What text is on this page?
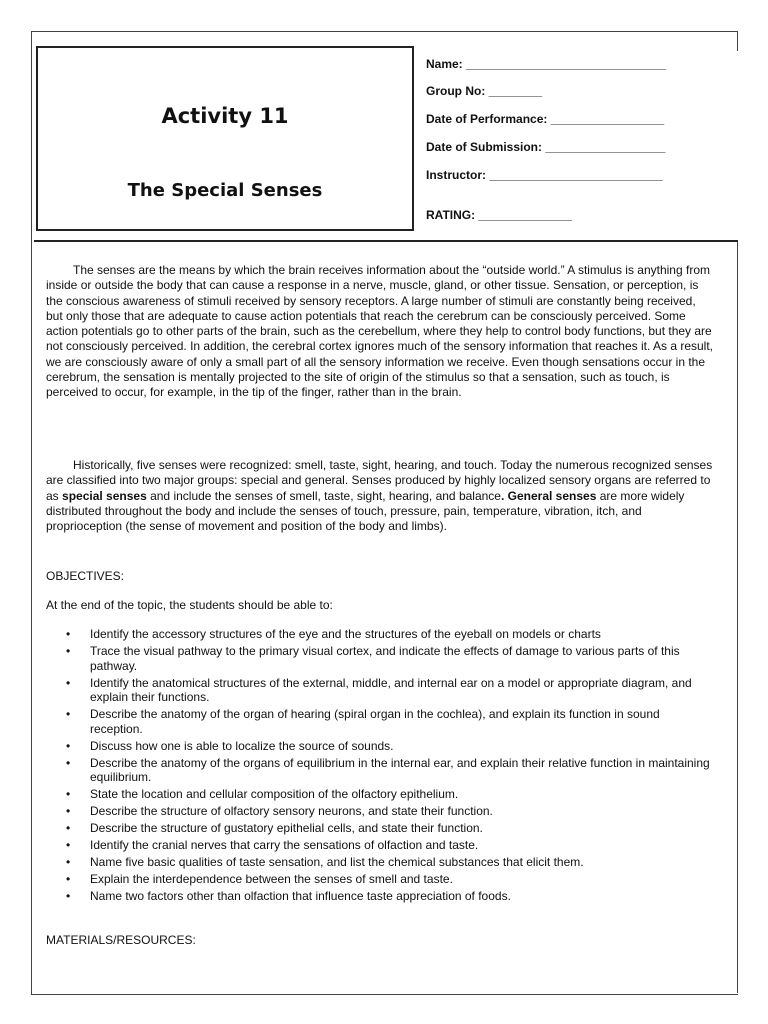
Activity 11
The Special Senses
Name: ______________________________
Group No: ________
Date of Performance: _________________
Date of Submission: __________________
Instructor: __________________________
RATING: ______________

The senses are the means by which the brain receives information about the “outside world.” A stimulus is anything from inside or outside the body that can cause a response in a nerve, muscle, gland, or other tissue. Sensation, or perception, is the conscious awareness of stimuli received by sensory receptors. A large number of stimuli are constantly being received, but only those that are adequate to cause action potentials that reach the cerebrum can be consciously perceived. Some action potentials go to other parts of the brain, such as the cerebellum, where they help to control body functions, but they are not consciously perceived. In addition, the cerebral cortex ignores much of the sensory information that reaches it. As a result, we are consciously aware of only a small part of all the sensory information we receive. Even though sensations occur in the cerebrum, the sensation is mentally projected to the site of origin of the stimulus so that a sensation, such as touch, is perceived to occur, for example, in the tip of the finger, rather than in the brain.

Historically, five senses were recognized: smell, taste, sight, hearing, and touch. Today the numerous recognized senses are classified into two major groups: special and general. Senses produced by highly localized sensory organs are referred to as special senses and include the senses of smell, taste, sight, hearing, and balance. General senses are more widely distributed throughout the body and include the senses of touch, pressure, pain, temperature, vibration, itch, and proprioception (the sense of movement and position of the body and limbs).

OBJECTIVES:
At the end of the topic, the students should be able to:
• Identify the accessory structures of the eye and the structures of the eyeball on models or charts
• Trace the visual pathway to the primary visual cortex, and indicate the effects of damage to various parts of this pathway.
• Identify the anatomical structures of the external, middle, and internal ear on a model or appropriate diagram, and explain their functions.
• Describe the anatomy of the organ of hearing (spiral organ in the cochlea), and explain its function in sound reception.
• Discuss how one is able to localize the source of sounds.
• Describe the anatomy of the organs of equilibrium in the internal ear, and explain their relative function in maintaining equilibrium.
• State the location and cellular composition of the olfactory epithelium.
• Describe the structure of olfactory sensory neurons, and state their function.
• Describe the structure of gustatory epithelial cells, and state their function.
• Identify the cranial nerves that carry the sensations of olfaction and taste.
• Name five basic qualities of taste sensation, and list the chemical substances that elicit them.
• Explain the interdependence between the senses of smell and taste.
• Name two factors other than olfaction that influence taste appreciation of foods.
MATERIALS/RESOURCES:
